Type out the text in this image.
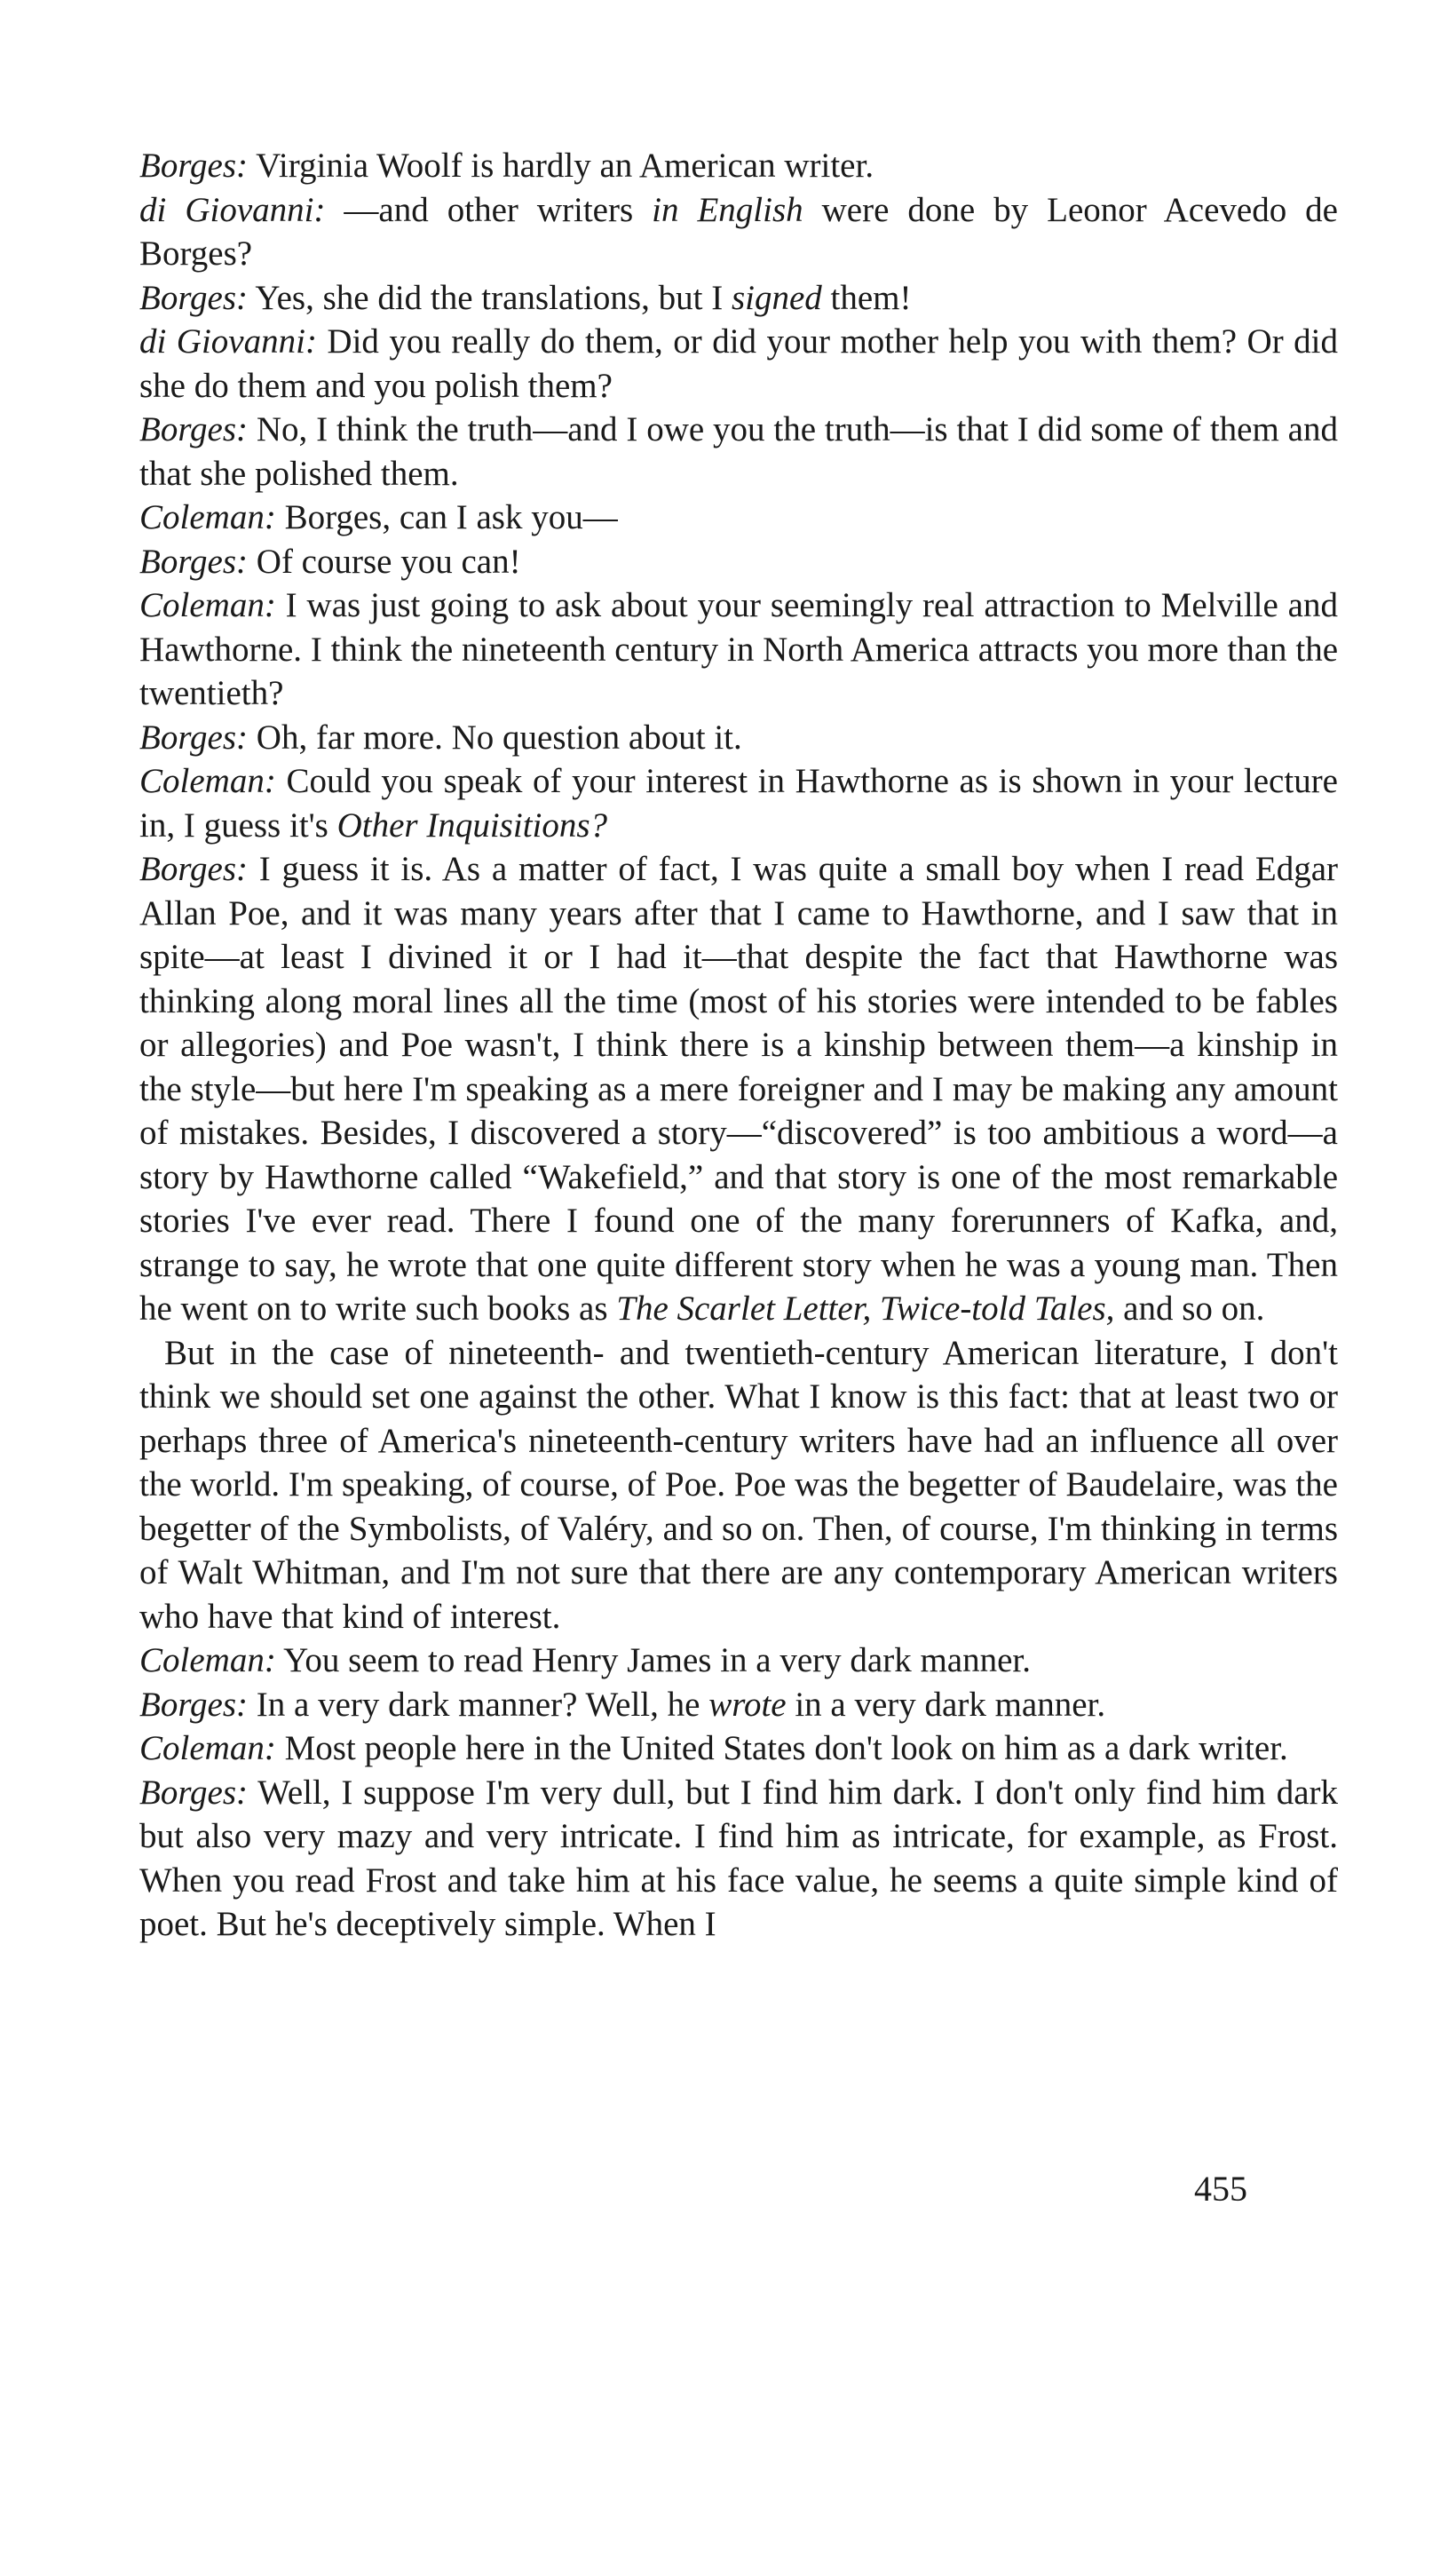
Borges: Virginia Woolf is hardly an American writer.

di Giovanni: —and other writers in English were done by Leonor Acevedo de Borges?

Borges: Yes, she did the translations, but I signed them!

di Giovanni: Did you really do them, or did your mother help you with them? Or did she do them and you polish them?

Borges: No, I think the truth—and I owe you the truth—is that I did some of them and that she polished them.

Coleman: Borges, can I ask you—

Borges: Of course you can!

Coleman: I was just going to ask about your seemingly real attraction to Melville and Hawthorne. I think the nineteenth century in North America attracts you more than the twentieth?

Borges: Oh, far more. No question about it.

Coleman: Could you speak of your interest in Hawthorne as is shown in your lecture in, I guess it's Other Inquisitions?

Borges: I guess it is. As a matter of fact, I was quite a small boy when I read Edgar Allan Poe, and it was many years after that I came to Hawthorne, and I saw that in spite—at least I divined it or I had it—that despite the fact that Hawthorne was thinking along moral lines all the time (most of his stories were intended to be fables or allegories) and Poe wasn't, I think there is a kinship between them—a kinship in the style—but here I'm speaking as a mere foreigner and I may be making any amount of mistakes. Besides, I discovered a story—“discovered” is too ambitious a word—a story by Hawthorne called “Wakefield,” and that story is one of the most remarkable stories I've ever read. There I found one of the many forerunners of Kafka, and, strange to say, he wrote that one quite different story when he was a young man. Then he went on to write such books as The Scarlet Letter, Twice-told Tales, and so on.

But in the case of nineteenth- and twentieth-century American literature, I don't think we should set one against the other. What I know is this fact: that at least two or perhaps three of America's nineteenth-century writers have had an influence all over the world. I'm speaking, of course, of Poe. Poe was the begetter of Baudelaire, was the begetter of the Symbolists, of Valéry, and so on. Then, of course, I'm thinking in terms of Walt Whitman, and I'm not sure that there are any contemporary American writers who have that kind of interest.

Coleman: You seem to read Henry James in a very dark manner.

Borges: In a very dark manner? Well, he wrote in a very dark manner.

Coleman: Most people here in the United States don't look on him as a dark writer.

Borges: Well, I suppose I'm very dull, but I find him dark. I don't only find him dark but also very mazy and very intricate. I find him as intricate, for example, as Frost. When you read Frost and take him at his face value, he seems a quite simple kind of poet. But he's deceptively simple. When I

455
